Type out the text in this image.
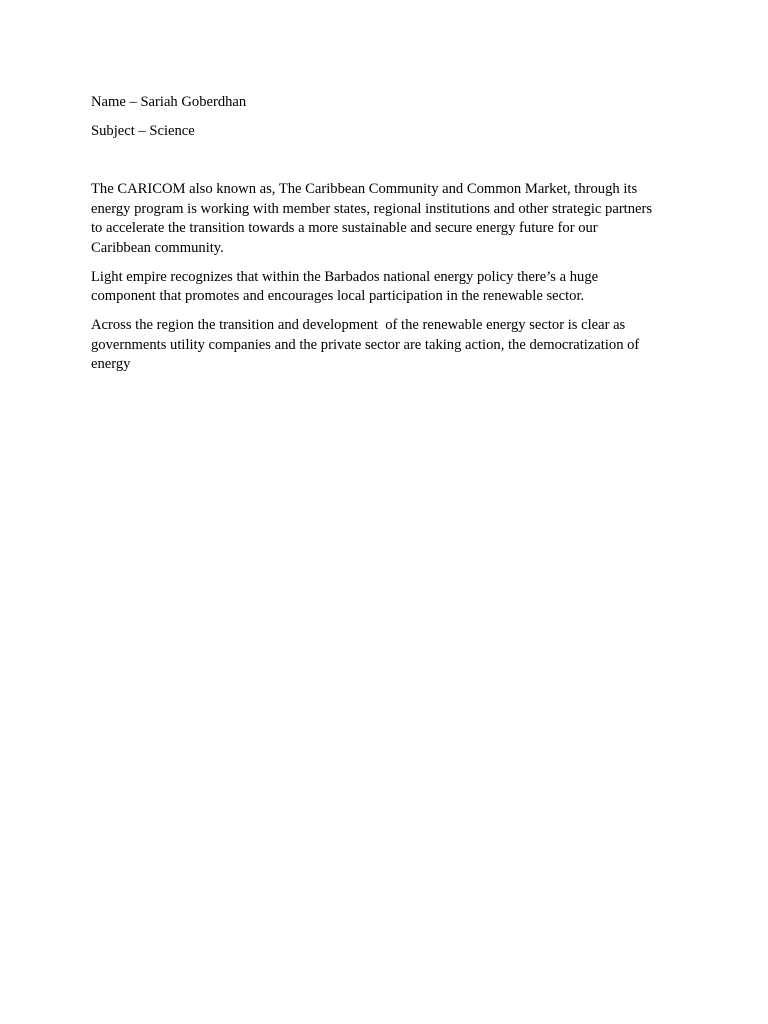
Name – Sariah Goberdhan

Subject – Science

The CARICOM also known as, The Caribbean Community and Common Market, through its
energy program is working with member states, regional institutions and other strategic partners
to accelerate the transition towards a more sustainable and secure energy future for our
Caribbean community.

Light empire recognizes that within the Barbados national energy policy there’s a huge
component that promotes and encourages local participation in the renewable sector.

Across the region the transition and development  of the renewable energy sector is clear as
governments utility companies and the private sector are taking action, the democratization of
energy
